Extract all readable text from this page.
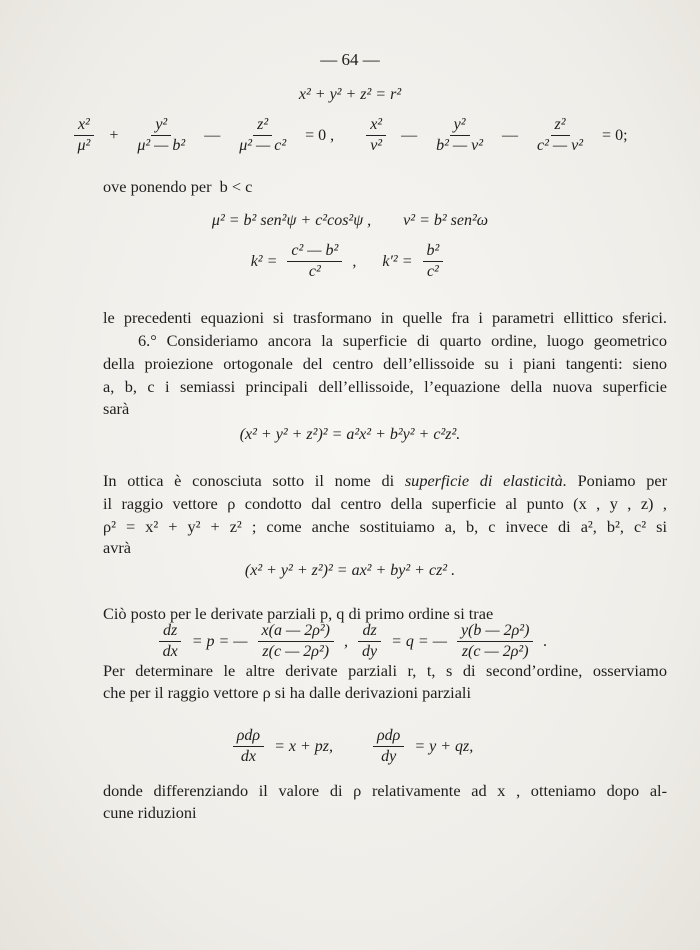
— 64 —
x² + y² + z² = r²
$\frac{\text{x²}}{\text{μ²}} + \frac{\text{y²}}{\text{μ² — b²}}$ — $\frac{\text{z²}}{\text{μ² — c²}} = 0$ , $\frac{\text{x²}}{\text{ν²}}$ — $\frac{\text{y²}}{\text{b² — ν²}}$ — $\frac{\text{z²}}{\text{c² — ν²}} = 0$;
ove ponendo per  b < c
μ² = b² sen²ψ + c²cos²ψ ,        ν² = b² sen²ω
$k^2 = \frac{\text{c² — b²}}{\text{c²}}$ , $k'^2 = \frac{\text{b²}}{\text{c²}}$
le precedenti equazioni si trasformano in quelle fra i parametri ellittico sferici.
6.° Consideriamo ancora la superficie di quarto ordine, luogo geometrico
della proiezione ortogonale del centro dell’ellissoide su i piani tangenti: sieno
a, b, c i semiassi principali dell’ellissoide, l’equazione della nuova superficie
sarà
(x² + y² + z²)² = a²x² + b²y² + c²z².
In ottica è conosciuta sotto il nome di superficie di elasticità. Poniamo per
il raggio vettore ρ condotto dal centro della superficie al punto (x , y , z) ,
ρ² = x² + y² + z² ; come anche sostituiamo a, b, c invece di a², b², c² si
avrà
(x² + y² + z²)² = ax² + by² + cz² .
Ciò posto per le derivate parziali p, q di primo ordine si trae
$\frac{dz}{dx} = p$ = — $\frac{\text{x(a — 2ρ²)}}{\text{z(c — 2ρ²)}}$ , $\frac{dz}{dy} = q$ = — $\frac{\text{y(b — 2ρ²)}}{\text{z(c — 2ρ²)}}$ .
Per determinare le altre derivate parziali r, t, s di second’ordine, osserviamo
che per il raggio vettore ρ si ha dalle derivazioni parziali
$\frac{\text{ρdρ}}{dx} = x$ + pz,	$\frac{\text{ρdρ}}{dy} = y$ + qz,
donde differenziando il valore di ρ relativamente ad x , otteniamo dopo al-
cune riduzioni
